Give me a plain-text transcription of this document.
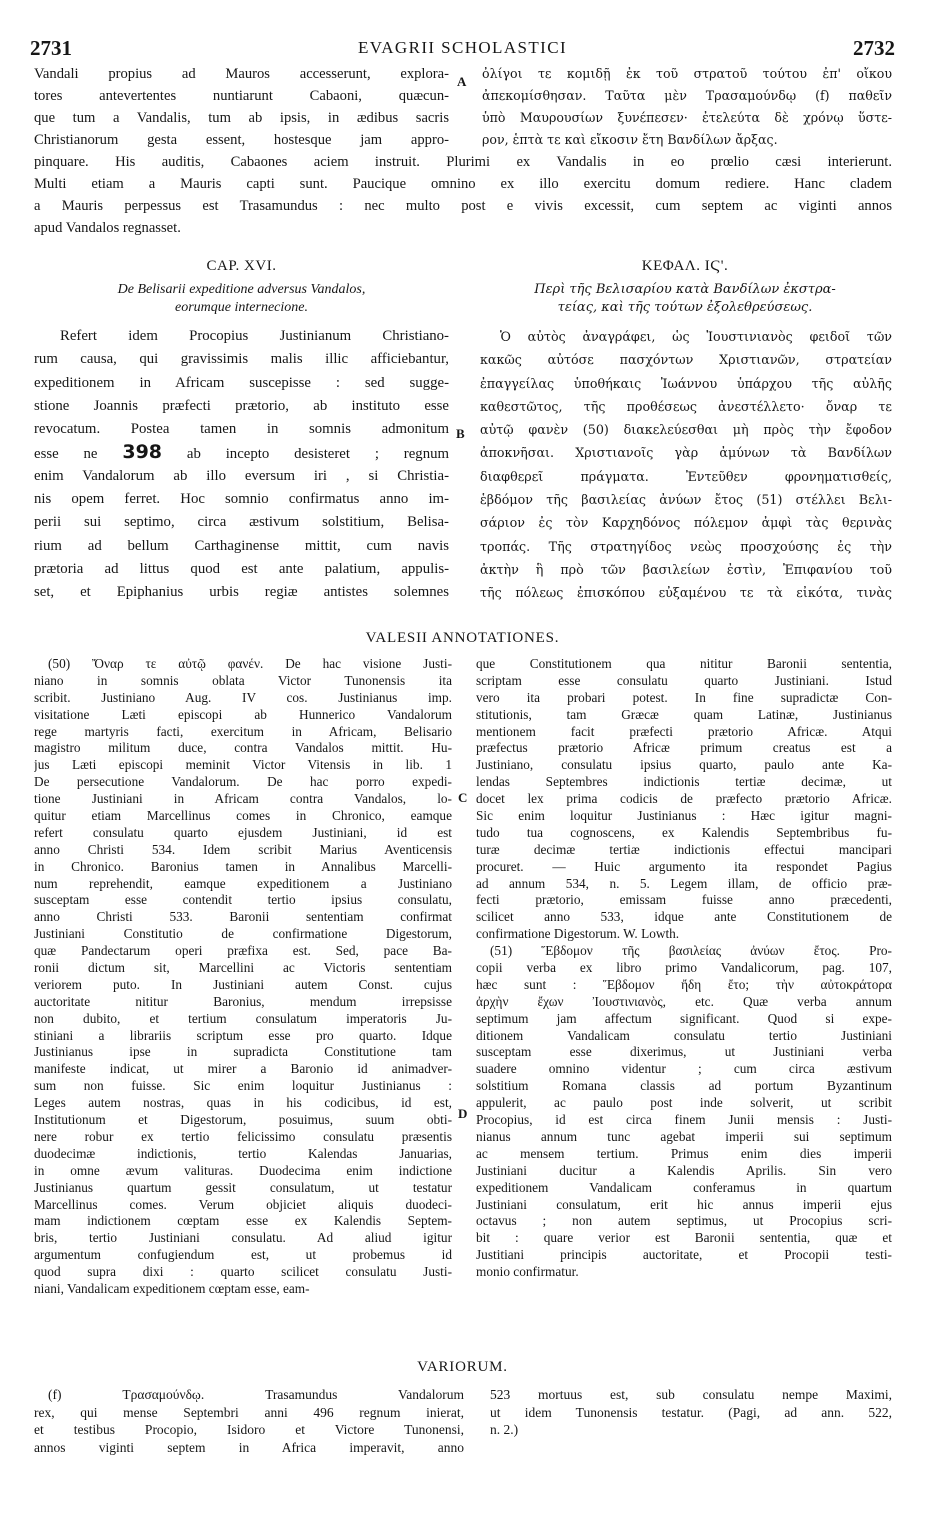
2731	EVAGRII SCHOLASTICI	2732
Vandali propius ad Mauros accesserunt, explora- A
ὀλίγοι τε κομιδῇ ἐκ τοῦ στρατοῦ τούτου ἐπ' οἴκου
tores antevertentes nuntiarunt Cabaoni, quæcun-	ἀπεκομίσθησαν. Ταῦτα μὲν Τρασαμούνδῳ (f) παθεῖν
que tum a Vandalis, tum ab ipsis, in ædibus sacris	ὑπὸ Μαυρουσίων ξυνέπεσεν· ἐτελεύτα δὲ χρόνῳ ὕστε-
Christianorum gesta essent, hostesque jam appro-	ρον, ἑπτὰ τε καὶ εἴκοσιν ἔτη Βανδίλων ἄρξας.
pinquare. His auditis, Cabaones aciem instruit. Plurimi ex Vandalis in eo prœlio cæsi interierunt.
Multi etiam a Mauris capti sunt. Paucique omnino ex illo exercitu domum rediere. Hanc cladem
a Mauris perpessus est Trasamundus : nec multo post e vivis excessit, cum septem ac viginti annos
apud Vandalos regnasset.
CAP. XVI.
De Belisarii expeditione adversus Vandalos,
eorumque internecione.
ΚΕΦΑΛ. ΙϚ'.
Περὶ τῆς Βελισαρίου κατὰ Βανδίλων ἐκστρα-
τείας, καὶ τῆς τούτων ἐξολεθρεύσεως.
Refert idem Procopius Justinianum Christiano-
rum causa, qui gravissimis malis illic afficiebantur,
expeditionem in Africam suscepisse : sed sugge-
stione Joannis præfecti prætorio, ab instituto esse
revocatum. Postea tamen in somnis admonitum
esse ne 398 ab incepto desisteret ; regnum
enim Vandalorum ab illo eversum iri , si Christia-
nis opem ferret. Hoc somnio confirmatus anno im-
perii sui septimo, circa æstivum solstitium, Belisa-
rium ad bellum Carthaginense mittit, cum navis
prætoria ad littus quod est ante palatium, appulis-
set, et Epiphanius urbis regiæ antistes solemnes
B
Ὁ αὐτὸς ἀναγράφει, ὡς Ἰουστινιανὸς φειδοῖ τῶν
κακῶς αὐτόσε πασχόντων Χριστιανῶν, στρατείαν
ἐπαγγείλας ὑποθήκαις Ἰωάννου ὑπάρχου τῆς αὐλῆς
καθεστῶτος, τῆς προθέσεως ἀνεστέλλετο· ὄναρ τε
αὐτῷ φανὲν (50) διακελεύεσθαι μὴ πρὸς τὴν ἔφοδον
ἀποκνῆσαι. Χριστιανοῖς γὰρ ἀμύνων τὰ Βανδίλων
διαφθερεῖ πράγματα. Ἐντεῦθεν φρονηματισθείς,
ἑβδόμον τῆς βασιλείας ἀνύων ἔτος (51) στέλλει Βελι-
σάριον ἐς τὸν Καρχηδόνος πόλεμον ἀμφὶ τὰς θερινὰς
τροπάς. Τῆς στρατηγίδος νεὼς προσχούσης ἐς τὴν
ἀκτὴν ἣ πρὸ τῶν βασιλείων ἐστὶν, Ἐπιφανίου τοῦ
τῆς πόλεως ἐπισκόπου εὐξαμένου τε τὰ εἰκότα, τινὰς
VALESII ANNOTATIONES.
(50) Ὄναρ τε αὐτῷ φανέν. De hac visione Justi-
niano in somnis oblata Victor Tunonensis ita
scribit. Justiniano Aug. IV cos. Justinianus imp.
visitatione Læti episcopi ab Hunnerico Vandalorum
rege martyris facti, exercitum in Africam, Belisario
magistro militum duce, contra Vandalos mittit. Hu-
jus Læti episcopi meminit Victor Vitensis in lib. 1
De persecutione Vandalorum. De hac porro expedi-
tione Justiniani in Africam contra Vandalos, lo-
quitur etiam Marcellinus comes in Chronico, eamque
refert consulatu quarto ejusdem Justiniani, id est
anno Christi 534. Idem scribit Marius Aventicensis
in Chronico. Baronius tamen in Annalibus Marcelli-
num reprehendit, eamque expeditionem a Justiniano
susceptam esse contendit tertio ipsius consulatu,
anno Christi 533. Baronii sententiam confirmat
Justiniani Constitutio de confirmatione Digestorum,
quæ Pandectarum operi præfixa est. Sed, pace Ba-
ronii dictum sit, Marcellini ac Victoris sententiam
veriorem puto. In Justiniani autem Const. cujus
auctoritate nititur Baronius, mendum irrepsisse
non dubito, et tertium consulatum imperatoris Ju-
stiniani a librariis scriptum esse pro quarto. Idque
Justinianus ipse in supradicta Constitutione tam
manifeste indicat, ut mirer a Baronio id animadver-
sum non fuisse. Sic enim loquitur Justinianus :
Leges autem nostras, quas in his codicibus, id est,
Institutionum et Digestorum, posuimus, suum obti-
nere robur ex tertio felicissimo consulatu præsentis
duodecimæ indictionis, tertio Kalendas Januarias,
in omne ævum valituras. Duodecima enim indictione
Justinianus quartum gessit consulatum, ut testatur
Marcellinus comes. Verum objiciet aliquis duodeci-
mam indictionem cœptam esse ex Kalendis Septem-
bris, tertio Justiniani consulatu. Ad aliud igitur
argumentum confugiendum est, ut probemus id
quod supra dixi : quarto scilicet consulatu Justi-
niani, Vandalicam expeditionem cœptam esse, eam-
C
D
que Constitutionem qua nititur Baronii sententia,
scriptam esse consulatu quarto Justiniani. Istud
vero ita probari potest. In fine supradictæ Con-
stitutionis, tam Græcæ quam Latinæ, Justinianus
mentionem facit præfecti prætorio Africæ. Atqui
præfectus prætorio Africæ primum creatus est a
Justiniano, consulatu ipsius quarto, paulo ante Ka-
lendas Septembres indictionis tertiæ decimæ, ut
docet lex prima codicis de præfecto prætorio Africæ.
Sic enim loquitur Justinianus : Hæc igitur magni-
tudo tua cognoscens, ex Kalendis Septembribus fu-
turæ decimæ tertiæ indictionis effectui mancipari
procuret. — Huic argumento ita respondet Pagius
ad annum 534, n. 5. Legem illam, de officio præ-
fecti prætorio, emissam fuisse anno præcedenti,
scilicet anno 533, idque ante Constitutionem de
confirmatione Digestorum. W. Lowth.
(51) Ἕβδομον τῆς βασιλείας ἀνύων ἔτος. Pro-
copii verba ex libro primo Vandalicorum, pag. 107,
hæc sunt : Ἕβδομον ἤδη ἔτο; τὴν αὐτοκράτορα
ἀρχὴν ἔχων Ἰουστινιανὸς, etc. Quæ verba annum
septimum jam affectum significant. Quod si expe-
ditionem Vandalicam consulatu tertio Justiniani
susceptam esse dixerimus, ut Justiniani verba
suadere omnino videntur ; cum circa æstivum
solstitium Romana classis ad portum Byzantinum
appulerit, ac paulo post inde solverit, ut scribit
Procopius, id est circa finem Junii mensis : Justi-
nianus annum tunc agebat imperii sui septimum
ac mensem tertium. Primus enim dies imperii
Justiniani ducitur a Kalendis Aprilis. Sin vero
expeditionem Vandalicam conferamus in quartum
Justiniani consulatum, erit hic annus imperii ejus
octavus ; non autem septimus, ut Procopius scri-
bit : quare verior est Baronii sententia, quæ et
Justitiani principis auctoritate, et Procopii testi-
monio confirmatur.
VARIORUM.
(f) Τρασαμούνδῳ. Trasamundus Vandalorum
rex, qui mense Septembri anni 496 regnum inierat,
et testibus Procopio, Isidoro et Victore Tunonensi,
annos viginti septem in Africa imperavit, anno
523 mortuus est, sub consulatu nempe Maximi,
ut idem Tunonensis testatur. (Pagi, ad ann. 522,
n. 2.)
